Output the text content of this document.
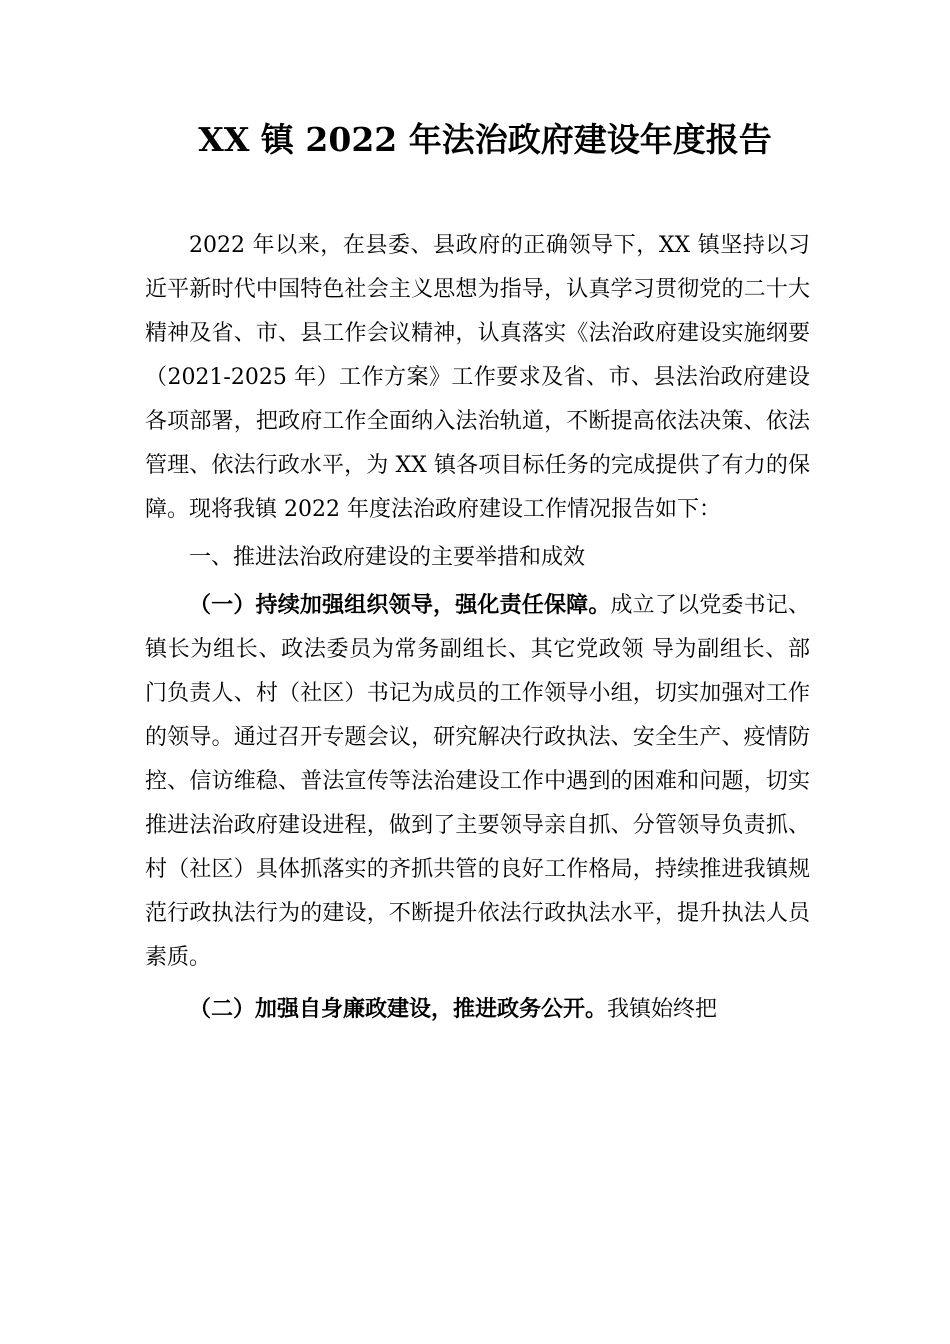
XX 镇 2022 年法治政府建设年度报告

2022 年以来，在县委、县政府的正确领导下，XX 镇坚持以习近平新时代中国特色社会主义思想为指导，认真学习贯彻党的二十大精神及省、市、县工作会议精神，认真落实《法治政府建设实施纲要（2021-2025 年）工作方案》工作要求及省、市、县法治政府建设各项部署，把政府工作全面纳入法治轨道，不断提高依法决策、依法管理、依法行政水平，为 XX 镇各项目标任务的完成提供了有力的保障。现将我镇 2022 年度法治政府建设工作情况报告如下：

一、推进法治政府建设的主要举措和成效

（一）持续加强组织领导，强化责任保障。成立了以党委书记、镇长为组长、政法委员为常务副组长、其它党政领 导为副组长、部门负责人、村（社区）书记为成员的工作领导小组，切实加强对工作的领导。通过召开专题会议，研究解决行政执法、安全生产、疫情防控、信访维稳、普法宣传等法治建设工作中遇到的困难和问题，切实推进法治政府建设进程，做到了主要领导亲自抓、分管领导负责抓、村（社区）具体抓落实的齐抓共管的良好工作格局，持续推进我镇规范行政执法行为的建设，不断提升依法行政执法水平，提升执法人员素质。

（二）加强自身廉政建设，推进政务公开。我镇始终把
